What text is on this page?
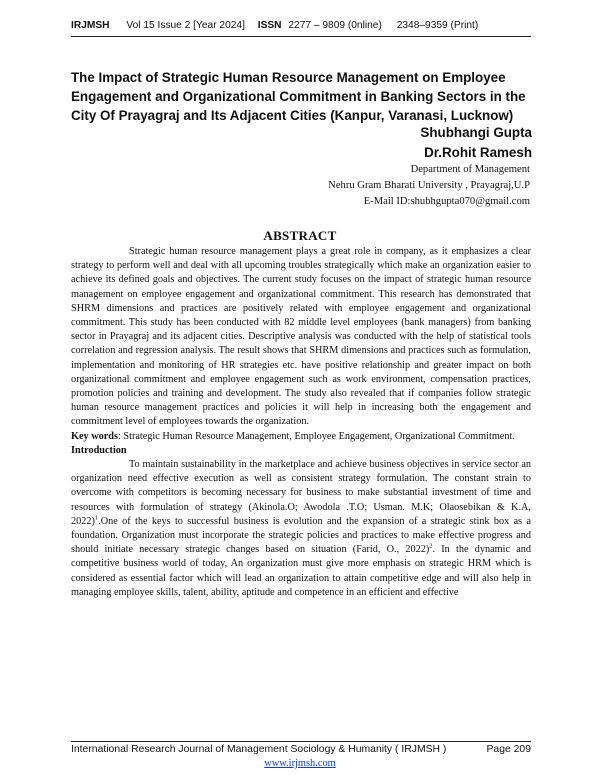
IRJMSH Vol 15 Issue 2 [Year 2024] ISSN 2277 – 9809 (0nline) 2348–9359 (Print)
The Impact of Strategic Human Resource Management on Employee
Engagement and Organizational Commitment in Banking Sectors in the
City Of Prayagraj and Its Adjacent Cities (Kanpur, Varanasi, Lucknow)
Shubhangi Gupta
Dr.Rohit Ramesh
Department of Management
Nehru Gram Bharati University , Prayagraj,U.P
E-Mail ID:shubhgupta070@gmail.com
ABSTRACT

Strategic human resource management plays a great role in company, as it emphasizes a clear strategy to perform well and deal with all upcoming troubles strategically which make an organization easier to achieve its defined goals and objectives. The current study focuses on the impact of strategic human resource management on employee engagement and organizational commitment. This research has demonstrated that SHRM dimensions and practices are positively related with employee engagement and organizational commitment. This study has been conducted with 82 middle level employees (bank managers) from banking sector in Prayagraj and its adjacent cities. Descriptive analysis was conducted with the help of statistical tools correlation and regression analysis. The result shows that SHRM dimensions and practices such as formulation, implementation and monitoring of HR strategies etc. have positive relationship and greater impact on both organizational commitment and employee engagement such as work environment, compensation practices, promotion policies and training and development. The study also revealed that if companies follow strategic human resource management practices and policies it will help in increasing both the engagement and commitment level of employees towards the organization.

Key words: Strategic Human Resource Management, Employee Engagement, Organizational Commitment.

Introduction

To maintain sustainability in the marketplace and achieve business objectives in service sector an organization need effective execution as well as consistent strategy formulation. The constant strain to overcome with competitors is becoming necessary for business to make substantial investment of time and resources with formulation of strategy (Akinola.O; Awodola .T.O; Usman. M.K; Olaosebikan & K.A, 2022)$^1$.One of the keys to successful business is evolution and the expansion of a strategic stink box as a foundation. Organization must incorporate the strategic policies and practices to make effective progress and should initiate necessary strategic changes based on situation (Farid, O., 2022)$^2$. In the dynamic and competitive business world of today, An organization must give more emphasis on strategic HRM which is considered as essential factor which will lead an organization to attain competitive edge and will also help in managing employee skills, talent, ability, aptitude and competence in an efficient and effective

International Research Journal of Management Sociology & Humanity ( IRJMSH )	Page 209
www.irjmsh.com
